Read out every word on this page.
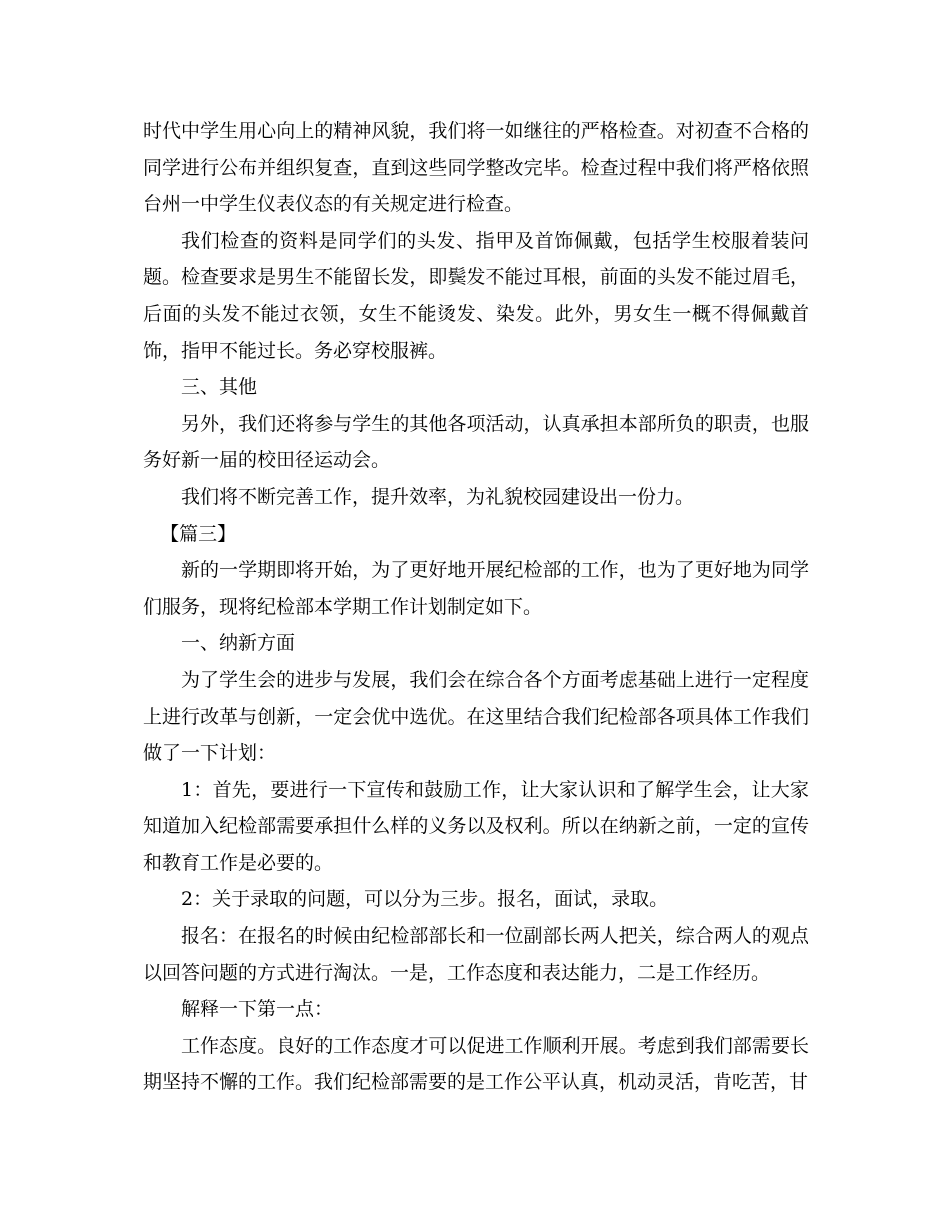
时代中学生用心向上的精神风貌，我们将一如继往的严格检查。对初查不合格的同学进行公布并组织复查，直到这些同学整改完毕。检查过程中我们将严格依照台州一中学生仪表仪态的有关规定进行检查。

我们检查的资料是同学们的头发、指甲及首饰佩戴，包括学生校服着装问题。检查要求是男生不能留长发，即鬓发不能过耳根，前面的头发不能过眉毛，后面的头发不能过衣领，女生不能烫发、染发。此外，男女生一概不得佩戴首饰，指甲不能过长。务必穿校服裤。

三、其他

另外，我们还将参与学生的其他各项活动，认真承担本部所负的职责，也服务好新一届的校田径运动会。

我们将不断完善工作，提升效率，为礼貌校园建设出一份力。

【篇三】

新的一学期即将开始，为了更好地开展纪检部的工作，也为了更好地为同学们服务，现将纪检部本学期工作计划制定如下。

一、纳新方面

为了学生会的进步与发展，我们会在综合各个方面考虑基础上进行一定程度上进行改革与创新，一定会优中选优。在这里结合我们纪检部各项具体工作我们做了一下计划：

1：首先，要进行一下宣传和鼓励工作，让大家认识和了解学生会，让大家知道加入纪检部需要承担什么样的义务以及权利。所以在纳新之前，一定的宣传和教育工作是必要的。

2：关于录取的问题，可以分为三步。报名，面试，录取。

报名：在报名的时候由纪检部部长和一位副部长两人把关，综合两人的观点以回答问题的方式进行淘汰。一是，工作态度和表达能力，二是工作经历。

解释一下第一点：

工作态度。良好的工作态度才可以促进工作顺利开展。考虑到我们部需要长期坚持不懈的工作。我们纪检部需要的是工作公平认真，机动灵活，肯吃苦，甘
